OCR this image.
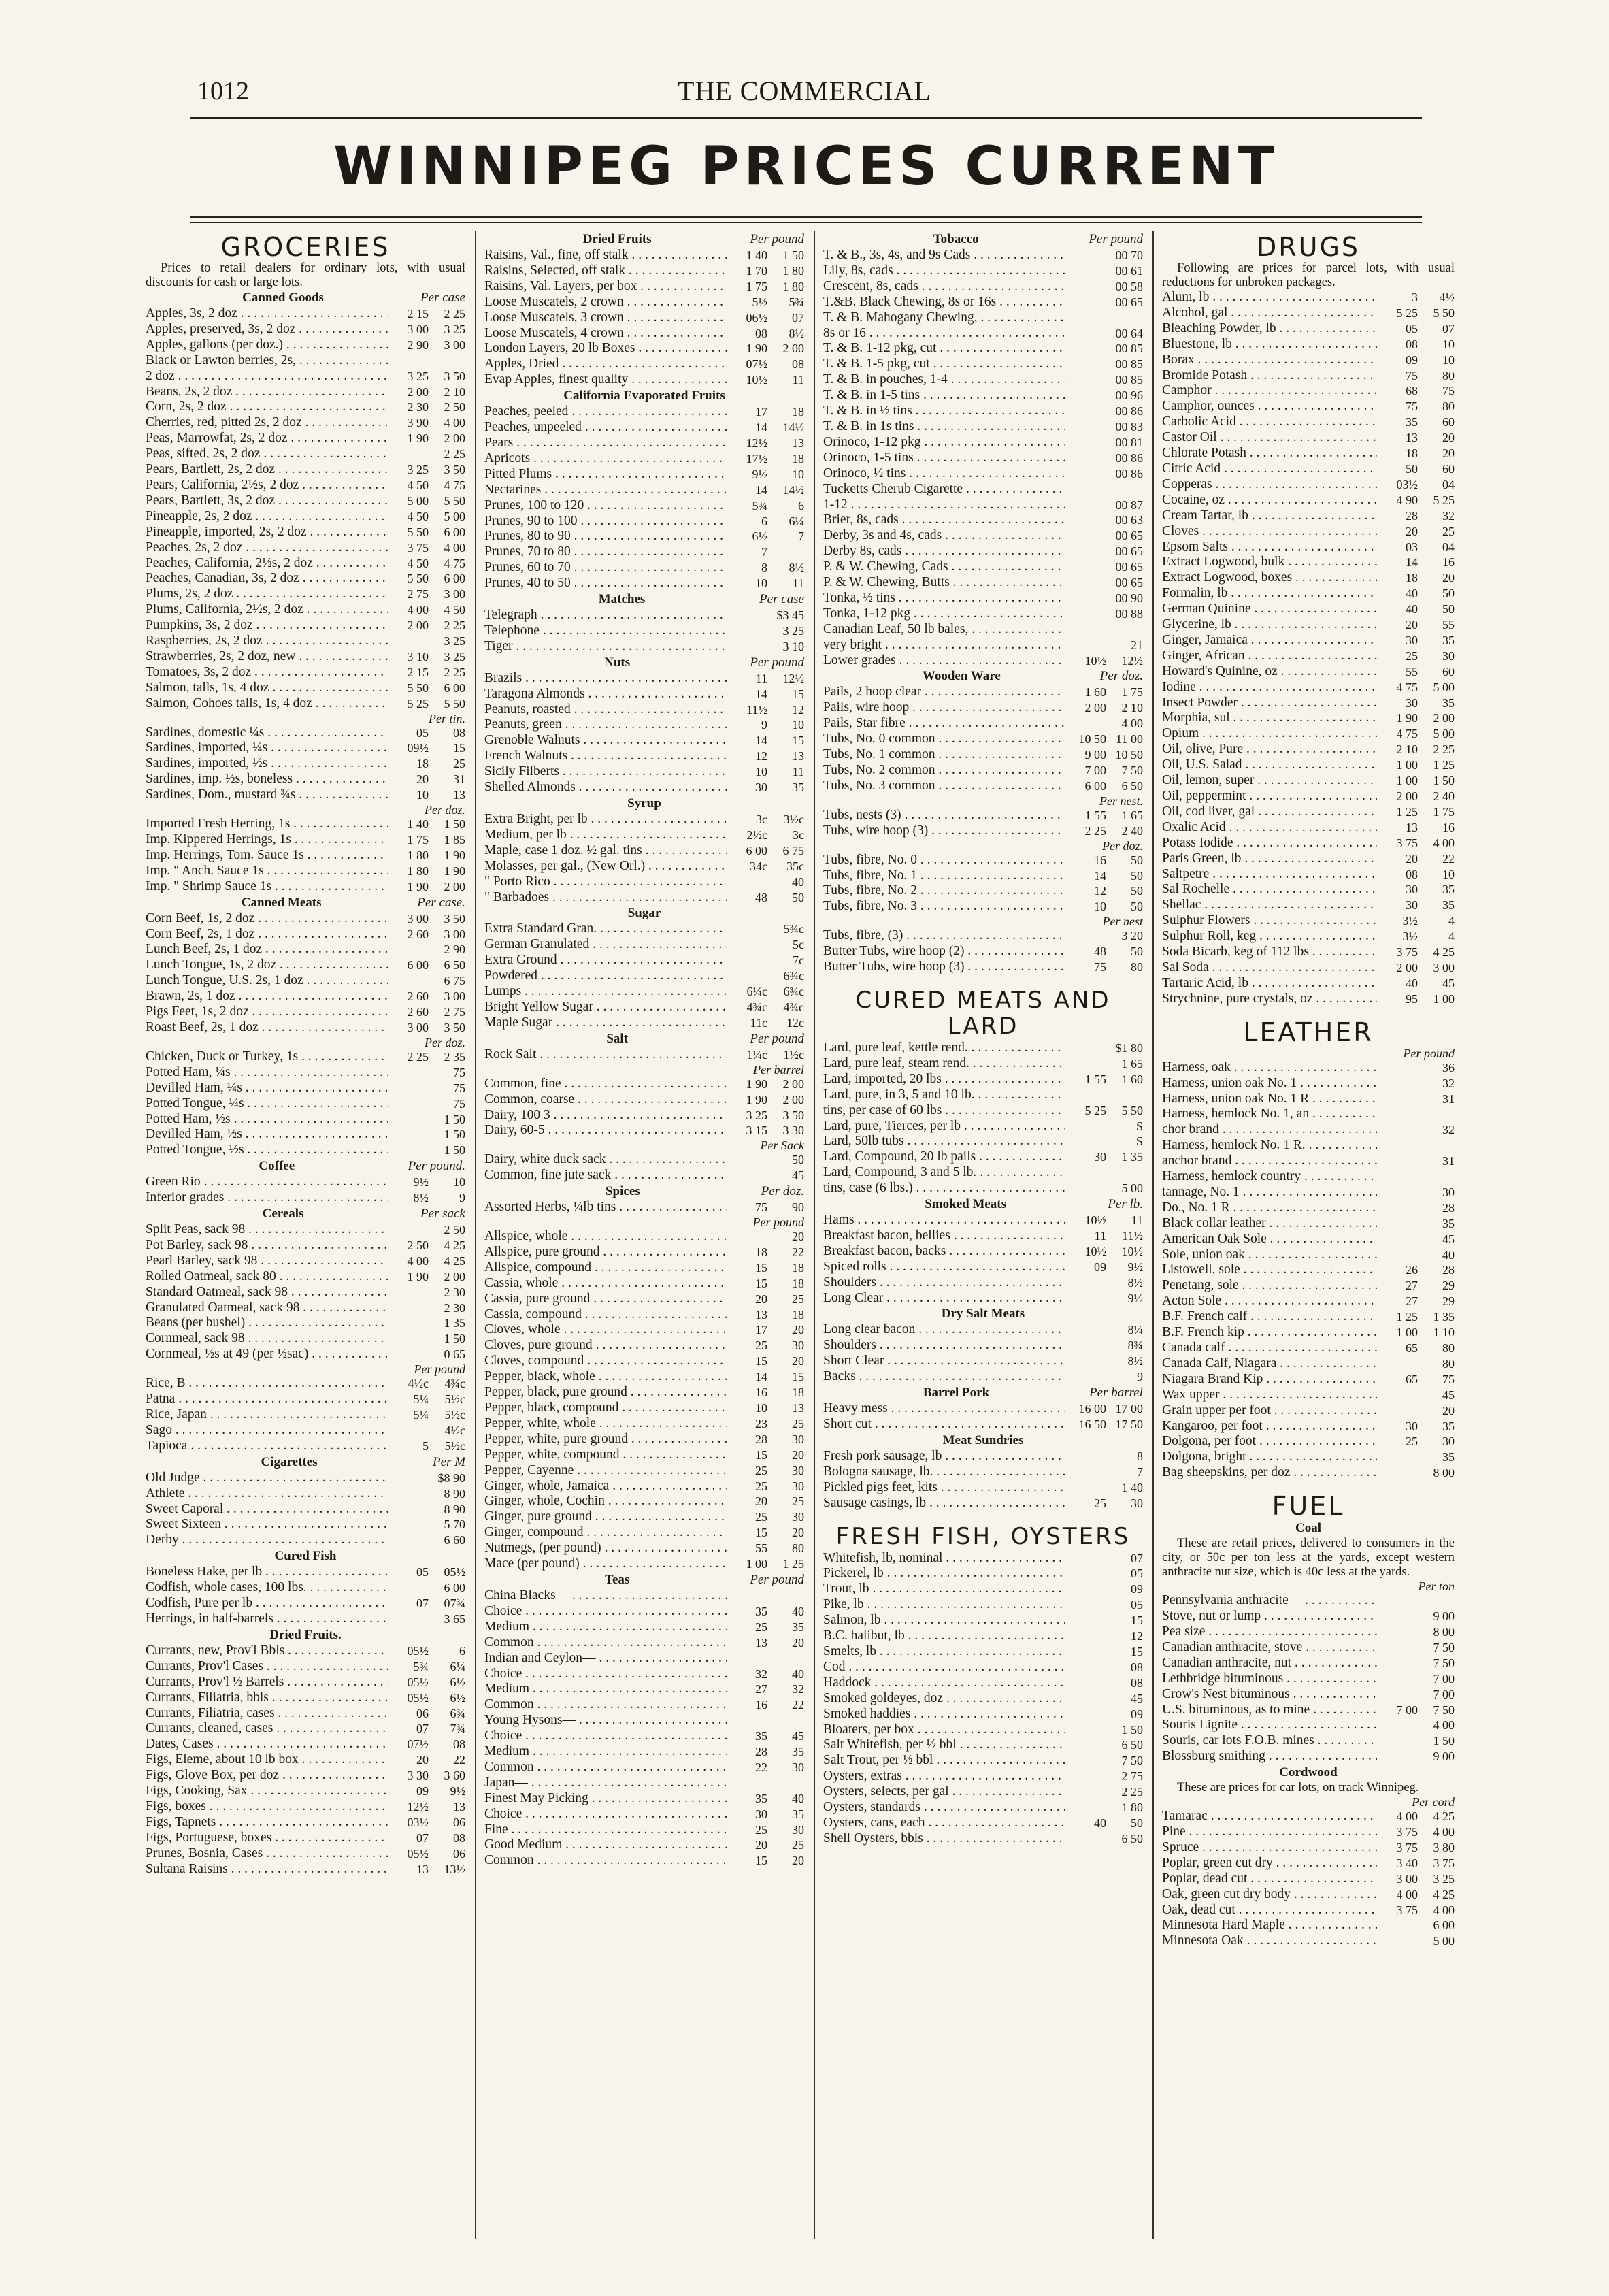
1012	THE COMMERCIAL
WINNIPEG PRICES CURRENT
GROCERIES
Prices to retail dealers for ordinary lots, with usual discounts for cash or large lots.
Canned Goods	Per case
Apples, 3s, 2 doz . . .	2 15	2 25
Apples, preserved, 3s, 2 doz . . .	3 00	3 25
Apples, gallons (per doz.) . . .	2 90	3 00
Black or Lawton berries, 2s, . . .
2 doz . . .	3 25	3 50
Beans, 2s, 2 doz . . .	2 00	2 10
Corn, 2s, 2 doz . . .	2 30	2 50
Cherries, red, pitted 2s, 2 doz . . .	3 90	4 00
Peas, Marrowfat, 2s, 2 doz . . .	1 90	2 00
Peas, sifted, 2s, 2 doz . . .	2 25
Pears, Bartlett, 2s, 2 doz . . .	3 25	3 50
Pears, California, 2½s, 2 doz . . .	4 50	4 75
Pears, Bartlett, 3s, 2 doz . . .	5 00	5 50
Pineapple, 2s, 2 doz . . .	4 50	5 00
Pineapple, imported, 2s, 2 doz . . .	5 50	6 00
Peaches, 2s, 2 doz . . .	3 75	4 00
Peaches, California, 2½s, 2 doz . . .	4 50	4 75
Peaches, Canadian, 3s, 2 doz . . .	5 50	6 00
Plums, 2s, 2 doz . . .	2 75	3 00
Plums, California, 2½s, 2 doz . . .	4 00	4 50
Pumpkins, 3s, 2 doz . . .	2 00	2 25
Raspberries, 2s, 2 doz . . .	3 25
Strawberries, 2s, 2 doz, new . . .	3 10	3 25
Tomatoes, 3s, 2 doz . . .	2 15	2 25
Salmon, talls, 1s, 4 doz . . .	5 50	6 00
Salmon, Cohoes talls, 1s, 4 doz . . .	5 25	5 50
Per tin.
Sardines, domestic ¼s . . .	05	08
Sardines, imported, ¼s . . .	09½	15
Sardines, imported, ½s . . .	18	25
Sardines, imp. ½s, boneless . . .	20	31
Sardines, Dom., mustard ¾s . . .	10	13
Per doz.
Imported Fresh Herring, 1s . . .	1 40	1 50
Imp. Kippered Herrings, 1s . . .	1 75	1 85
Imp. Herrings, Tom. Sauce 1s . . .	1 80	1 90
Imp. " Anch. Sauce 1s . . .	1 80	1 90
Imp. " Shrimp Sauce 1s . . .	1 90	2 00
Canned Meats	Per case.
Corn Beef, 1s, 2 doz . . .	3 00	3 50
Corn Beef, 2s, 1 doz . . .	2 60	3 00
Lunch Beef, 2s, 1 doz . . .	2 90
Lunch Tongue, 1s, 2 doz . . .	6 00	6 50
Lunch Tongue, U.S. 2s, 1 doz . . .	6 75
Brawn, 2s, 1 doz . . .	2 60	3 00
Pigs Feet, 1s, 2 doz . . .	2 60	2 75
Roast Beef, 2s, 1 doz . . .	3 00	3 50
Per doz.
Chicken, Duck or Turkey, 1s . . .	2 25	2 35
Potted Ham, ¼s . . .	75
Devilled Ham, ¼s . . .	75
Potted Tongue, ¼s . . .	75
Potted Ham, ½s . . .	1 50
Devilled Ham, ½s . . .	1 50
Potted Tongue, ½s . . .	1 50
Coffee	Per pound.
Green Rio . . .	9½	10
Inferior grades . . .	8½	9
Cereals	Per sack
Split Peas, sack 98 . . .	2 50
Pot Barley, sack 98 . . .	2 50	4 25
Pearl Barley, sack 98 . . .	4 00	4 25
Rolled Oatmeal, sack 80 . . .	1 90	2 00
Standard Oatmeal, sack 98 . . .	2 30
Granulated Oatmeal, sack 98 . . .	2 30
Beans (per bushel) . . .	1 35
Cornmeal, sack 98 . . .	1 50
Cornmeal, ½s at 49 (per ½sac) . . .	0 65
Per pound
Rice, B . . .	4½c	4¾c
Patna . . .	5¼	5½c
Rice, Japan . . .	5¼	5½c
Sago . . .	4½c
Tapioca . . .	5	5½c
Cigarettes	Per M
Old Judge . . .	$8 90
Athlete . . .	8 90
Sweet Caporal . . .	8 90
Sweet Sixteen . . .	5 70
Derby . . .	6 60
Cured Fish
Boneless Hake, per lb . . .	05	05½
Codfish, whole cases, 100 lbs. . . .	6 00
Codfish, Pure per lb . . .	07	07¾
Herrings, in half-barrels . . .	3 65
Dried Fruits.
Currants, new, Prov'l Bbls . . .	05½	6
Currants, Prov'l Cases . . .	5¾	6¼
Currants, Prov'l ½ Barrels . . .	05½	6½
Currants, Filiatria, bbls . . .	05½	6½
Currants, Filiatria, cases . . .	06	6¾
Currants, cleaned, cases . . .	07	7¾
Dates, Cases . . .	07½	08
Figs, Eleme, about 10 lb box . . .	20	22
Figs, Glove Box, per doz . . .	3 30	3 60
Figs, Cooking, Sax . . .	09	9½
Figs, boxes . . .	12½	13
Figs, Tapnets . . .	03½	06
Figs, Portuguese, boxes . . .	07	08
Prunes, Bosnia, Cases . . .	05½	06
Sultana Raisins . . .	13	13½
Dried Fruits	Per pound
Raisins, Val., fine, off stalk . . .	1 40	1 50
Raisins, Selected, off stalk . . .	1 70	1 80
Raisins, Val. Layers, per box . . .	1 75	1 80
Loose Muscatels, 2 crown . . .	5½	5¾
Loose Muscatels, 3 crown . . .	06½	07
Loose Muscatels, 4 crown . . .	08	8½
London Layers, 20 lb Boxes . . .	1 90	2 00
Apples, Dried . . .	07½	08
Evap Apples, finest quality . . .	10½	11
California Evaporated Fruits
Peaches, peeled . . .	17	18
Peaches, unpeeled . . .	14	14½
Pears . . .	12½	13
Apricots . . .	17½	18
Pitted Plums . . .	9½	10
Nectarines . . .	14	14½
Prunes, 100 to 120 . . .	5¾	6
Prunes, 90 to 100 . . .	6	6¼
Prunes, 80 to 90 . . .	6½	7
Prunes, 70 to 80 . . .	7
Prunes, 60 to 70 . . .	8	8½
Prunes, 40 to 50 . . .	10	11
Matches	Per case
Telegraph . . .	$3 45
Telephone . . .	3 25
Tiger . . .	3 10
Nuts	Per pound
Brazils . . .	11	12½
Taragona Almonds . . .	14	15
Peanuts, roasted . . .	11½	12
Peanuts, green . . .	9	10
Grenoble Walnuts . . .	14	15
French Walnuts . . .	12	13
Sicily Filberts . . .	10	11
Shelled Almonds . . .	30	35
Syrup
Extra Bright, per lb . . .	3c	3½c
Medium, per lb . . .	2½c	3c
Maple, case 1 doz. ½ gal. tins . . .	6 00	6 75
Molasses, per gal., (New Orl.) . . .	34c	35c
" Porto Rico . . .	40
" Barbadoes . . .	48	50
Sugar
Extra Standard Gran. . . .	5¾c
German Granulated . . .	5c
Extra Ground . . .	7c
Powdered . . .	6¾c
Lumps . . .	6¼c	6¾c
Bright Yellow Sugar . . .	4¾c	4¾c
Maple Sugar . . .	11c	12c
Salt	Per pound
Rock Salt . . .	1¼c	1½c
Per barrel
Common, fine . . .	1 90	2 00
Common, coarse . . .	1 90	2 00
Dairy, 100 3 . . .	3 25	3 50
Dairy, 60-5 . . .	3 15	3 30
Per Sack
Dairy, white duck sack . . .	50
Common, fine jute sack . . .	45
Spices	Per doz.
Assorted Herbs, ¼lb tins . . .	75	90
Per pound
Allspice, whole . . .	20
Allspice, pure ground . . .	18	22
Allspice, compound . . .	15	18
Cassia, whole . . .	15	18
Cassia, pure ground . . .	20	25
Cassia, compound . . .	13	18
Cloves, whole . . .	17	20
Cloves, pure ground . . .	25	30
Cloves, compound . . .	15	20
Pepper, black, whole . . .	14	15
Pepper, black, pure ground . . .	16	18
Pepper, black, compound . . .	10	13
Pepper, white, whole . . .	23	25
Pepper, white, pure ground . . .	28	30
Pepper, white, compound . . .	15	20
Pepper, Cayenne . . .	25	30
Ginger, whole, Jamaica . . .	25	30
Ginger, whole, Cochin . . .	20	25
Ginger, pure ground . . .	25	30
Ginger, compound . . .	15	20
Nutmegs, (per pound) . . .	55	80
Mace (per pound) . . .	1 00	1 25
Teas	Per pound
China Blacks— . . .
Choice . . .	35	40
Medium . . .	25	35
Common . . .	13	20
Indian and Ceylon— . . .
Choice . . .	32	40
Medium . . .	27	32
Common . . .	16	22
Young Hysons— . . .
Choice . . .	35	45
Medium . . .	28	35
Common . . .	22	30
Japan— . . .
Finest May Picking . . .	35	40
Choice . . .	30	35
Fine . . .	25	30
Good Medium . . .	20	25
Common . . .	15	20
Tobacco	Per pound
T. & B., 3s, 4s, and 9s Cads . . .	00 70
Lily, 8s, cads . . .	00 61
Crescent, 8s, cads . . .	00 58
T.&B. Black Chewing, 8s or 16s . . .	00 65
T. & B. Mahogany Chewing, . . .
8s or 16 . . .	00 64
T. & B. 1-12 pkg, cut . . .	00 85
T. & B. 1-5 pkg, cut . . .	00 85
T. & B. in pouches, 1-4 . . .	00 85
T. & B. in 1-5 tins . . .	00 96
T. & B. in ½ tins . . .	00 86
T. & B. in 1s tins . . .	00 83
Orinoco, 1-12 pkg . . .	00 81
Orinoco, 1-5 tins . . .	00 86
Orinoco, ½ tins . . .	00 86
Tucketts Cherub Cigarette . . .
1-12 . . .	00 87
Brier, 8s, cads . . .	00 63
Derby, 3s and 4s, cads . . .	00 65
Derby 8s, cads . . .	00 65
P. & W. Chewing, Cads . . .	00 65
P. & W. Chewing, Butts . . .	00 65
Tonka, ½ tins . . .	00 90
Tonka, 1-12 pkg . . .	00 88
Canadian Leaf, 50 lb bales, . . .
very bright . . .	21
Lower grades . . .	10½	12½
Wooden Ware	Per doz.
Pails, 2 hoop clear . . .	1 60	1 75
Pails, wire hoop . . .	2 00	2 10
Pails, Star fibre . . .	4 00
Tubs, No. 0 common . . .	10 50 11 00
Tubs, No. 1 common . . .	9 00 10 50
Tubs, No. 2 common . . .	7 00	7 50
Tubs, No. 3 common . . .	6 00	6 50
Per nest.
Tubs, nests (3) . . .	1 55	1 65
Tubs, wire hoop (3) . . .	2 25	2 40
Per doz.
Tubs, fibre, No. 0 . . .	16	50
Tubs, fibre, No. 1 . . .	14	50
Tubs, fibre, No. 2 . . .	12	50
Tubs, fibre, No. 3 . . .	10	50
Per nest
Tubs, fibre, (3) . . .	3 20
Butter Tubs, wire hoop (2) . . .	48	50
Butter Tubs, wire hoop (3) . . .	75	80
CURED MEATS AND LARD
Lard, pure leaf, kettle rend. . . .	$1 80
Lard, pure leaf, steam rend. . . .	1 65
Lard, imported, 20 lbs . . .	1 55	1 60
Lard, pure, in 3, 5 and 10 lb. . . .
tins, per case of 60 lbs . . .	5 25	5 50
Lard, pure, Tierces, per lb . . .	S
Lard, 50lb tubs . . .	S
Lard, Compound, 20 lb pails . . .	30	1 35
Lard, Compound, 3 and 5 lb. . . .
tins, case (6 lbs.) . . .	5 00
Smoked Meats	Per lb.
Hams . . .	10½	11
Breakfast bacon, bellies . . .	11	11½
Breakfast bacon, backs . . .	10½	10½
Spiced rolls . . .	09	9½
Shoulders . . .	8½
Long Clear . . .	9½
Dry Salt Meats
Long clear bacon . . .	8¼
Shoulders . . .	8¾
Short Clear . . .	8½
Backs . . .	9
Barrel Pork	Per barrel
Heavy mess . . .	16 00 17 00
Short cut . . .	16 50 17 50
Meat Sundries
Fresh pork sausage, lb . . .	8
Bologna sausage, lb. . . .	7
Pickled pigs feet, kits . . .	1 40
Sausage casings, lb . . .	25	30
FRESH FISH, OYSTERS
Whitefish, lb, nominal . . .	07
Pickerel, lb . . .	05
Trout, lb . . .	09
Pike, lb . . .	05
Salmon, lb . . .	15
B.C. halibut, lb . . .	12
Smelts, lb . . .	15
Cod . . .	08
Haddock . . .	08
Smoked goldeyes, doz . . .	45
Smoked haddies . . .	09
Bloaters, per box . . .	1 50
Salt Whitefish, per ½ bbl . . .	6 50
Salt Trout, per ½ bbl . . .	7 50
Oysters, extras . . .	2 75
Oysters, selects, per gal . . .	2 25
Oysters, standards . . .	1 80
Oysters, cans, each . . .	40	50
Shell Oysters, bbls . . .	6 50
DRUGS
Following are prices for parcel lots, with usual reductions for unbroken packages.
Alum, lb . . .	3	4½
Alcohol, gal . . .	5 25	5 50
Bleaching Powder, lb . . .	05	07
Bluestone, lb . . .	08	10
Borax . . .	09	10
Bromide Potash . . .	75	80
Camphor . . .	68	75
Camphor, ounces . . .	75	80
Carbolic Acid . . .	35	60
Castor Oil . . .	13	20
Chlorate Potash . . .	18	20
Citric Acid . . .	50	60
Copperas . . .	03½	04
Cocaine, oz . . .	4 90	5 25
Cream Tartar, lb . . .	28	32
Cloves . . .	20	25
Epsom Salts . . .	03	04
Extract Logwood, bulk . . .	14	16
Extract Logwood, boxes . . .	18	20
Formalin, lb . . .	40	50
German Quinine . . .	40	50
Glycerine, lb . . .	20	55
Ginger, Jamaica . . .	30	35
Ginger, African . . .	25	30
Howard's Quinine, oz . . .	55	60
Iodine . . .	4 75	5 00
Insect Powder . . .	30	35
Morphia, sul . . .	1 90	2 00
Opium . . .	4 75	5 00
Oil, olive, Pure . . .	2 10	2 25
Oil, U.S. Salad . . .	1 00	1 25
Oil, lemon, super . . .	1 00	1 50
Oil, peppermint . . .	2 00	2 40
Oil, cod liver, gal . . .	1 25	1 75
Oxalic Acid . . .	13	16
Potass Iodide . . .	3 75	4 00
Paris Green, lb . . .	20	22
Saltpetre . . .	08	10
Sal Rochelle . . .	30	35
Shellac . . .	30	35
Sulphur Flowers . . .	3½	4
Sulphur Roll, keg . . .	3½	4
Soda Bicarb, keg of 112 lbs . . .	3 75	4 25
Sal Soda . . .	2 00	3 00
Tartaric Acid, lb . . .	40	45
Strychnine, pure crystals, oz . . .	95	1 00
LEATHER
Per pound
Harness, oak . . .	36
Harness, union oak No. 1 . . .	32
Harness, union oak No. 1 R . . .	31
Harness, hemlock No. 1, an . . .
chor brand . . .	32
Harness, hemlock No. 1 R. . . .
anchor brand . . .	31
Harness, hemlock country . . .
tannage, No. 1 . . .	30
Do., No. 1 R . . .	28
Black collar leather . . .	35
American Oak Sole . . .	45
Sole, union oak . . .	40
Listowell, sole . . .	26	28
Penetang, sole . . .	27	29
Acton Sole . . .	27	29
B.F. French calf . . .	1 25	1 35
B.F. French kip . . .	1 00	1 10
Canada calf . . .	65	80
Canada Calf, Niagara . . .	80
Niagara Brand Kip . . .	65	75
Wax upper . . .	45
Grain upper per foot . . .	20
Kangaroo, per foot . . .	30	35
Dolgona, per foot . . .	25	30
Dolgona, bright . . .	35
Bag sheepskins, per doz . . .	8 00
FUEL
Coal
These are retail prices, delivered to consumers in the city, or 50c per ton less at the yards, except western anthracite nut size, which is 40c less at the yards.
Per ton
Pennsylvania anthracite— . . .
Stove, nut or lump . . .	9 00
Pea size . . .	8 00
Canadian anthracite, stove . . .	7 50
Canadian anthracite, nut . . .	7 50
Lethbridge bituminous . . .	7 00
Crow's Nest bituminous . . .	7 00
U.S. bituminous, as to mine . . .	7 00	7 50
Souris Lignite . . .	4 00
Souris, car lots F.O.B. mines . . .	1 50
Blossburg smithing . . .	9 00
Cordwood
These are prices for car lots, on track Winnipeg.
Per cord
Tamarac . . .	4 00	4 25
Pine . . .	3 75	4 00
Spruce . . .	3 75	3 80
Poplar, green cut dry . . .	3 40	3 75
Poplar, dead cut . . .	3 00	3 25
Oak, green cut dry body . . .	4 00	4 25
Oak, dead cut . . .	3 75	4 00
Minnesota Hard Maple . . .	6 00
Minnesota Oak . . .	5 00
